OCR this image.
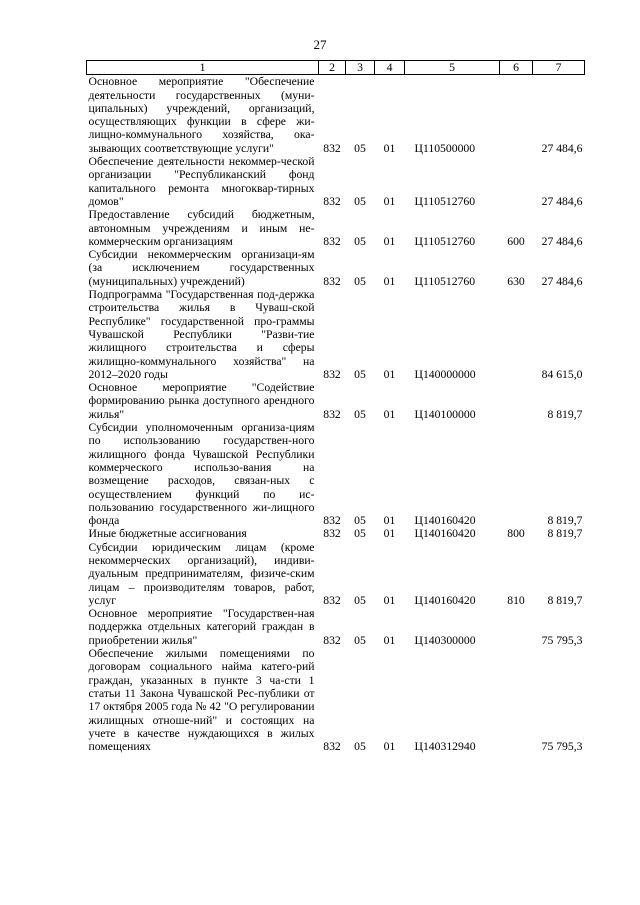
27
1	2	3	4	5	6	7
Основное мероприятие "Обеспечение деятельности государственных (муни-ципальных) учреждений, организаций, осуществляющих функции в сфере жи-лищно-коммунального хозяйства, ока-зывающих соответствующие услуги"	832	05	01	Ц110500000		27 484,6
Обеспечение деятельности некоммер-ческой организации "Республиканский фонд капитального ремонта многоквар-тирных домов"	832	05	01	Ц110512760		27 484,6
Предоставление субсидий бюджетным, автономным учреждениям и иным не-коммерческим организациям	832	05	01	Ц110512760	600	27 484,6
Субсидии некоммерческим организаци-ям (за исключением государственных (муниципальных) учреждений)	832	05	01	Ц110512760	630	27 484,6
Подпрограмма "Государственная под-держка строительства жилья в Чуваш-ской Республике" государственной про-граммы Чувашской Республики "Разви-тие жилищного строительства и сферы жилищно-коммунального хозяйства" на 2012–2020 годы	832	05	01	Ц140000000		84 615,0
Основное мероприятие "Содействие формированию рынка доступного арендного жилья"	832	05	01	Ц140100000		8 819,7
Субсидии уполномоченным организа-циям по использованию государствен-ного жилищного фонда Чувашской Республики коммерческого использо-вания на возмещение расходов, связан-ных с осуществлением функций по ис-пользованию государственного жи-лищного фонда	832	05	01	Ц140160420		8 819,7
Иные бюджетные ассигнования	832	05	01	Ц140160420	800	8 819,7
Субсидии юридическим лицам (кроме некоммерческих организаций), индиви-дуальным предпринимателям, физиче-ским лицам – производителям товаров, работ, услуг	832	05	01	Ц140160420	810	8 819,7
Основное мероприятие "Государствен-ная поддержка отдельных категорий граждан в приобретении жилья"	832	05	01	Ц140300000		75 795,3
Обеспечение жилыми помещениями по договорам социального найма катего-рий граждан, указанных в пункте 3 ча-сти 1 статьи 11 Закона Чувашской Рес-публики от 17 октября 2005 года № 42 "О регулировании жилищных отноше-ний" и состоящих на учете в качестве нуждающихся в жилых помещениях	832	05	01	Ц140312940		75 795,3
